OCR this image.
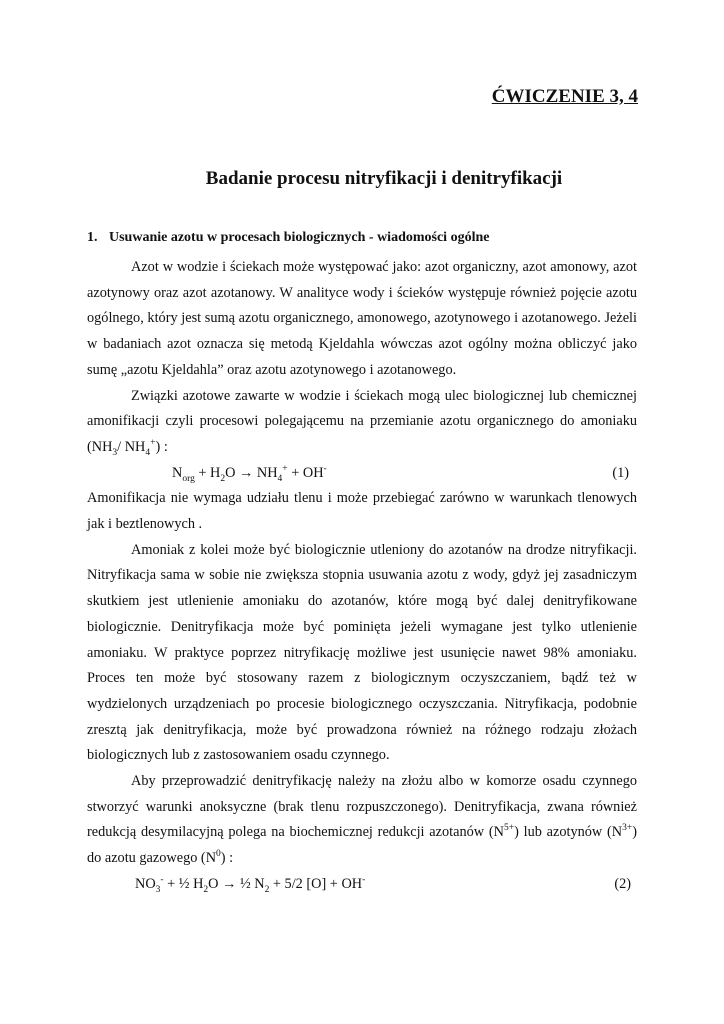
ĆWICZENIE 3, 4
Badanie procesu nitryfikacji i denitryfikacji
1. Usuwanie azotu w procesach biologicznych - wiadomości ogólne

Azot w wodzie i ściekach może występować jako: azot organiczny, azot amonowy, azot azotynowy oraz azot azotanowy. W analityce wody i ścieków występuje również pojęcie azotu ogólnego, który jest sumą azotu organicznego, amonowego, azotynowego i azotanowego. Jeżeli w badaniach azot oznacza się metodą Kjeldahla wówczas azot ogólny można obliczyć jako sumę „azotu Kjeldahla” oraz azotu azotynowego i azotanowego.

Związki azotowe zawarte w wodzie i ściekach mogą ulec biologicznej lub chemicznej amonifikacji czyli procesowi polegającemu na przemianie azotu organicznego do amoniaku ($NH_3/$ $NH_4^+$) :

$N_{org} + H_2O \to NH_4^+ + OH^-$	(1)

Amonifikacja nie wymaga udziału tlenu i może przebiegać zarówno w warunkach tlenowych jak i beztlenowych .

Amoniak z kolei może być biologicznie utleniony do azotanów na drodze nitryfikacji. Nitryfikacja sama w sobie nie zwiększa stopnia usuwania azotu z wody, gdyż jej zasadniczym skutkiem jest utlenienie amoniaku do azotanów, które mogą być dalej denitryfikowane biologicznie. Denitryfikacja może być pominięta jeżeli wymagane jest tylko utlenienie amoniaku. W praktyce poprzez nitryfikację możliwe jest usunięcie nawet 98% amoniaku. Proces ten może być stosowany razem z biologicznym oczyszczaniem, bądź też w wydzielonych urządzeniach po procesie biologicznego oczyszczania. Nitryfikacja, podobnie zresztą jak denitryfikacja, może być prowadzona również na różnego rodzaju złożach biologicznych lub z zastosowaniem osadu czynnego.

Aby przeprowadzić denitryfikację należy na złożu albo w komorze osadu czynnego stworzyć warunki anoksyczne (brak tlenu rozpuszczonego). Denitryfikacja, zwana również redukcją desymilacyjną polega na biochemicznej redukcji azotanów $(N^{5+})$ lub azotynów $(N^{3+})$ do azotu gazowego $(N^0)$ :

$NO_3^-$ + ½ $H_2O$ → ½ $N_2 + 5/2$ [O] + OH-	(2)
